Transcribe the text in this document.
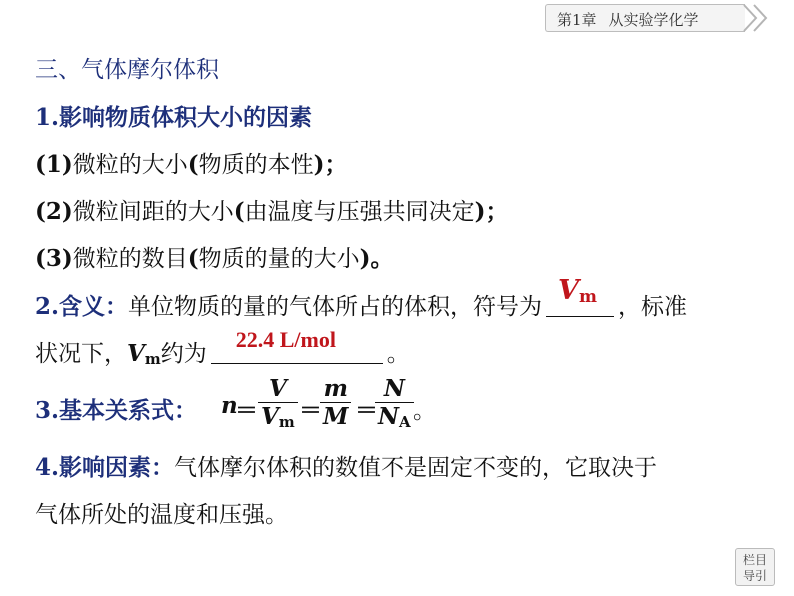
第1章 从实验学化学
三、气体摩尔体积
1.影响物质体积大小的因素
(1)微粒的大小(物质的本性)；
(2)微粒间距的大小(由温度与压强共同决定)；
(3)微粒的数目(物质的量的大小)。
2.含义：单位物质的量的气体所占的体积，符号为
$V_m$ ，标准
状况下，$V_m$约为
22.4 L/mol
。
3.基本关系式： n
＝ $\frac{V}{V_m}$ ＝
$\frac{m}{M}$ ＝
$\frac{N}{N_A}$ 。
4.影响因素：气体摩尔体积的数值不是固定不变的，它取决于
气体所处的温度和压强。
栏目
导引
